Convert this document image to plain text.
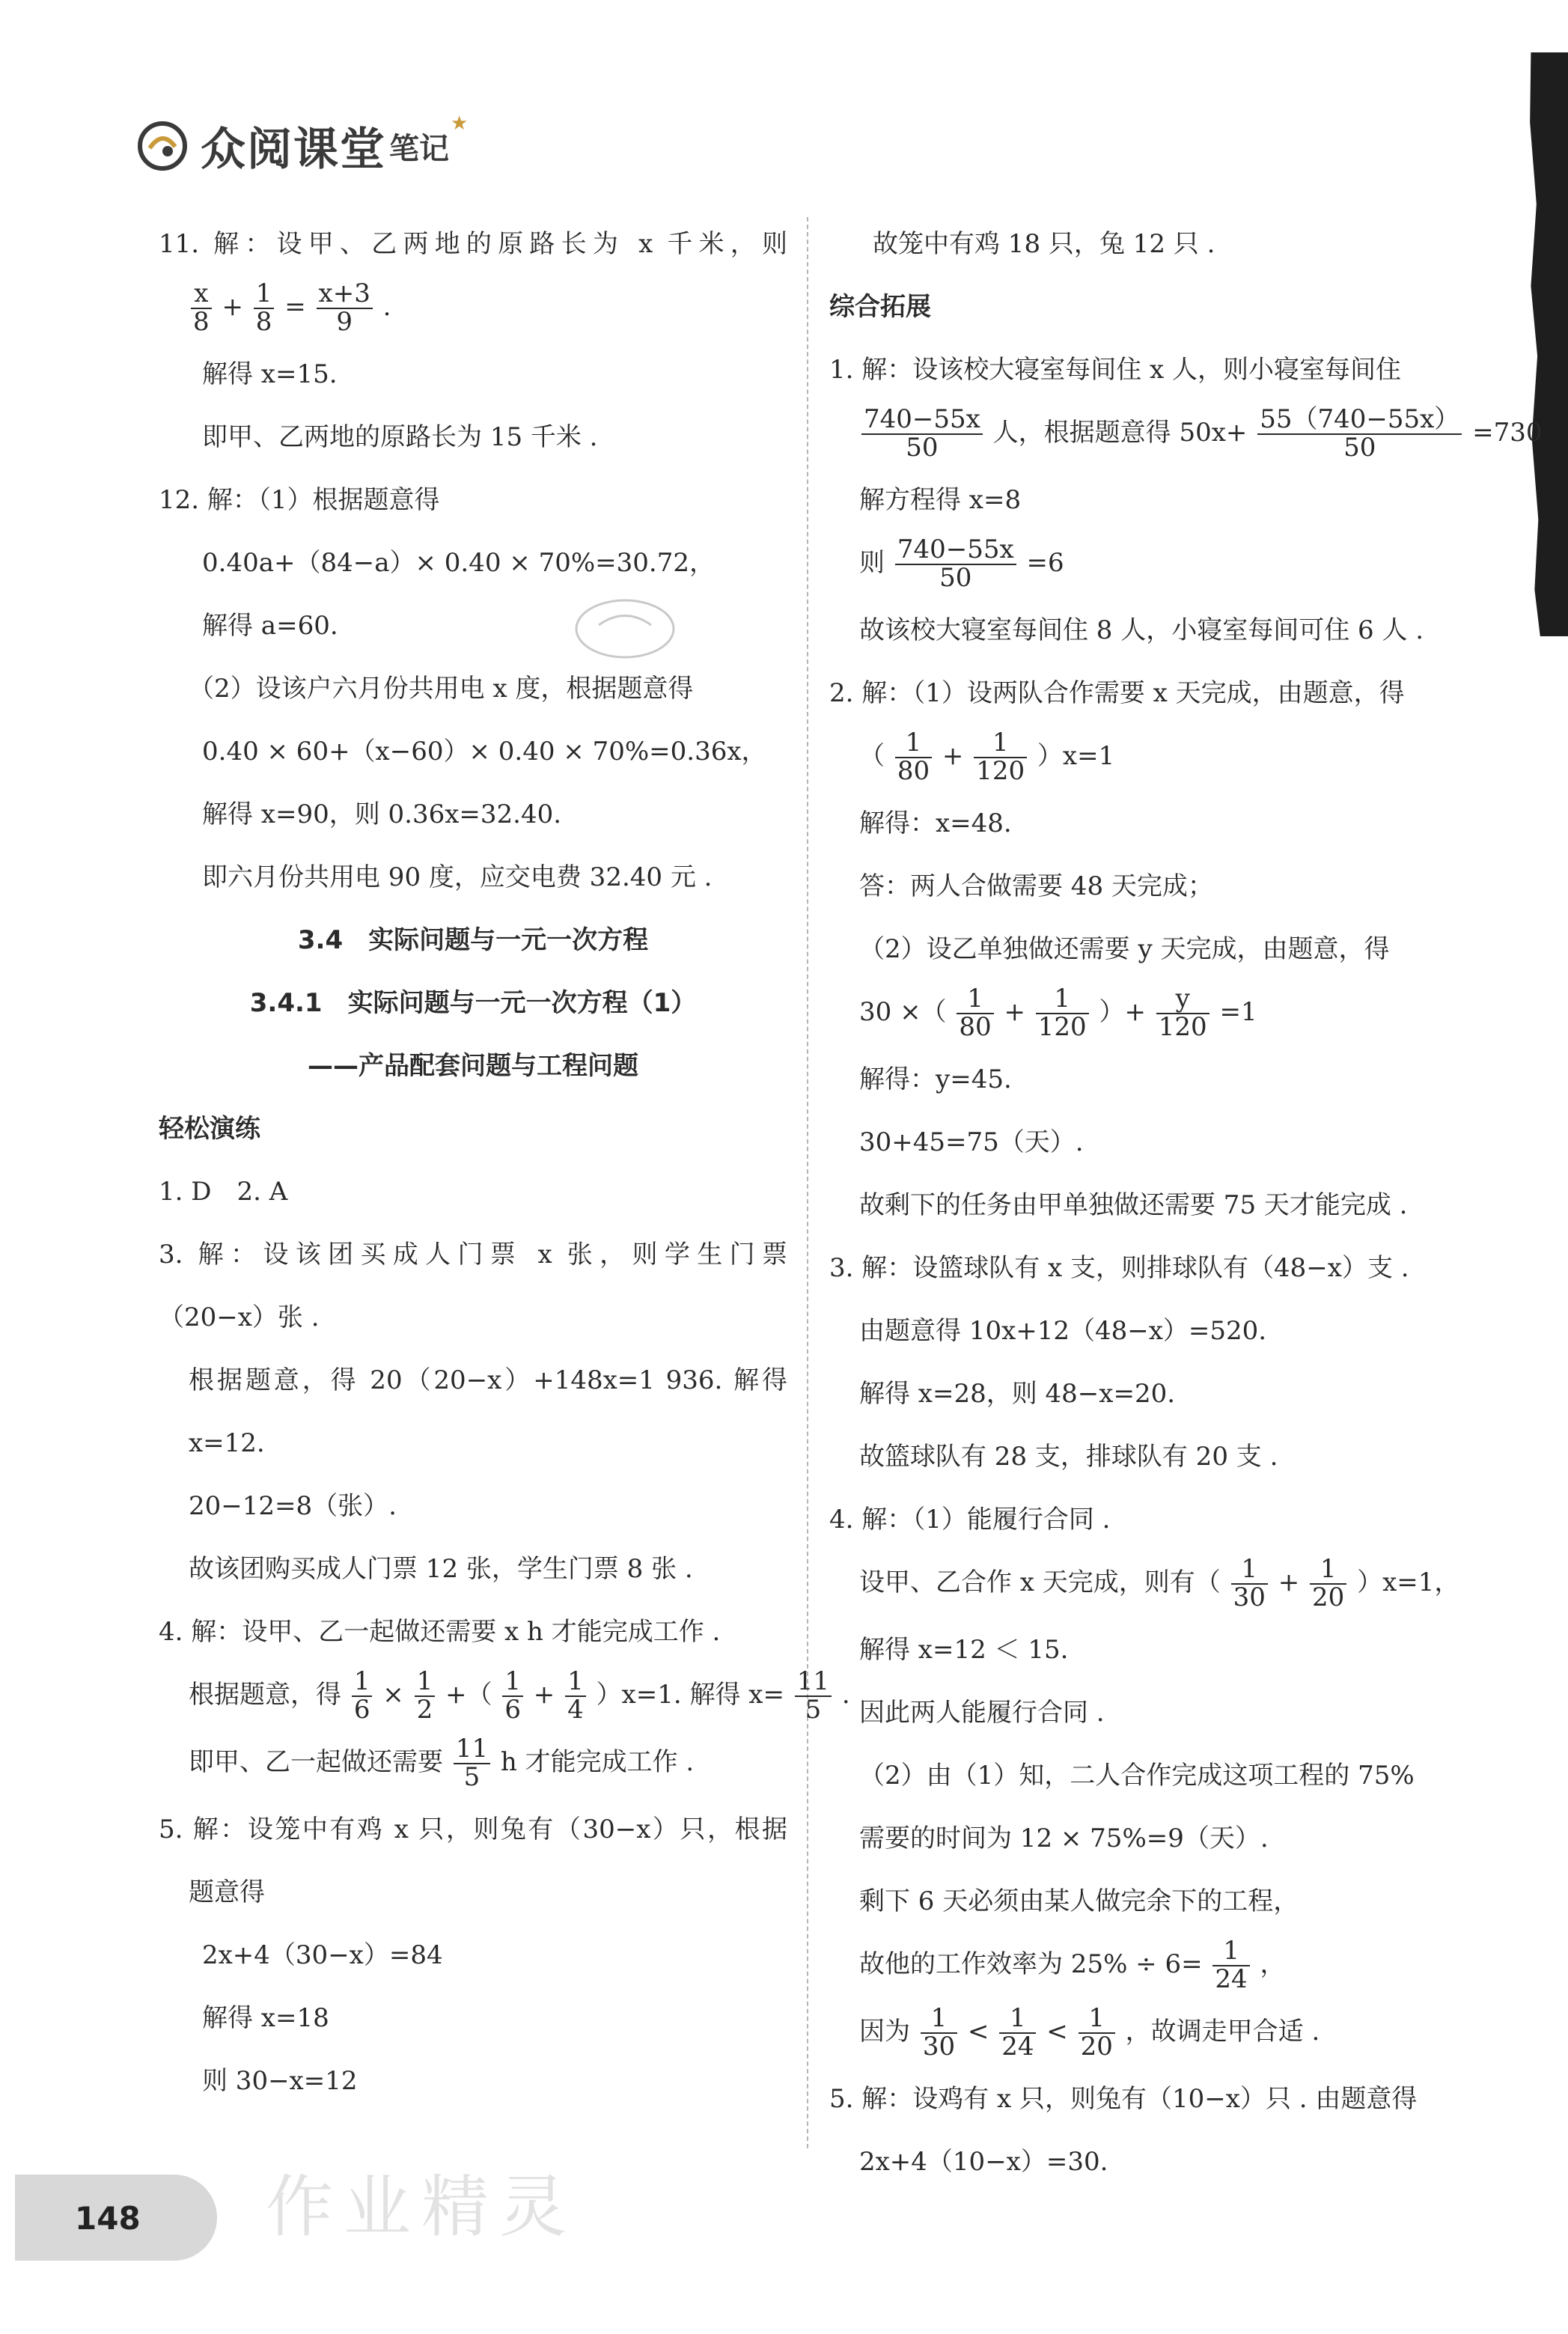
众阅课堂 笔记
★
11. 解：设甲、乙两地的原路长为 x 千米，则
$\frac{x}{8} + \frac{1}{8} = \frac{x+3}{9}$ .
解得 x=15.
即甲、乙两地的原路长为 15 千米 .
12. 解：（1）根据题意得
0.40a+（84−a）× 0.40 × 70%=30.72，
解得 a=60.
（2）设该户六月份共用电 x 度，根据题意得
0.40 × 60+（x−60）× 0.40 × 70%=0.36x，
解得 x=90，则 0.36x=32.40.
即六月份共用电 90 度，应交电费 32.40 元 .
3.4　实际问题与一元一次方程
3.4.1　实际问题与一元一次方程（1）
——产品配套问题与工程问题
轻松演练
1. D　2. A
3. 解：设该团买成人门票 x 张，则学生门票
（20−x）张 .
根据题意，得 20（20−x）+148x=1 936. 解得
x=12.
20−12=8（张）.
故该团购买成人门票 12 张，学生门票 8 张 .
4. 解：设甲、乙一起做还需要 x h 才能完成工作 .
根据题意，得 $\frac{1}{6} \times \frac{1}{2}$ +（ $\frac{1}{6} + \frac{1}{4} )x=1$. 解得 $x= \frac{11}{5}$ .
即甲、乙一起做还需要 $\frac{11}{5}$ h 才能完成工作 .
5. 解：设笼中有鸡 x 只，则兔有（30−x）只，根据
题意得
2x+4（30−x）=84
解得 x=18
则 30−x=12
故笼中有鸡 18 只，兔 12 只 .
综合拓展
1. 解：设该校大寝室每间住 x 人，则小寝室每间住
$\frac{740-55x}{50}$ 人，根据题意得 $50x+ \frac{55(740-55x)}{50} =730$
解方程得 x=8
则 $\frac{740-55x}{50} =6$
故该校大寝室每间住 8 人，小寝室每间可住 6 人 .
2. 解：（1）设两队合作需要 x 天完成，由题意，得
（ $\frac{1}{80} + \frac{1}{120} )x=1$
解得：x=48.
答：两人合做需要 48 天完成；
（2）设乙单独做还需要 y 天完成，由题意，得
30 ×（ $\frac{1}{80} + \frac{1}{120}$ ）+ $\frac{y}{120} =1$
解得：y=45.
30+45=75（天）.
故剩下的任务由甲单独做还需要 75 天才能完成 .
3. 解：设篮球队有 x 支，则排球队有（48−x）支 .
由题意得 10x+12（48−x）=520.
解得 x=28，则 48−x=20.
故篮球队有 28 支，排球队有 20 支 .
4. 解：（1）能履行合同 .
设甲、乙合作 x 天完成，则有（ $\frac{1}{30} + \frac{1}{20} )x=1$，
解得 x=12 ＜ 15.
因此两人能履行合同 .
（2）由（1）知，二人合作完成这项工程的 75%
需要的时间为 12 × 75%=9（天）.
剩下 6 天必须由某人做完余下的工程，
故他的工作效率为 $25\% \div 6= \frac{1}{24}$ ，
因为 $\frac{1}{30} < \frac{1}{24} < \frac{1}{20}$ ，故调走甲合适 .
5. 解：设鸡有 x 只，则兔有（10−x）只 . 由题意得
2x+4（10−x）=30.
148 作业精灵
